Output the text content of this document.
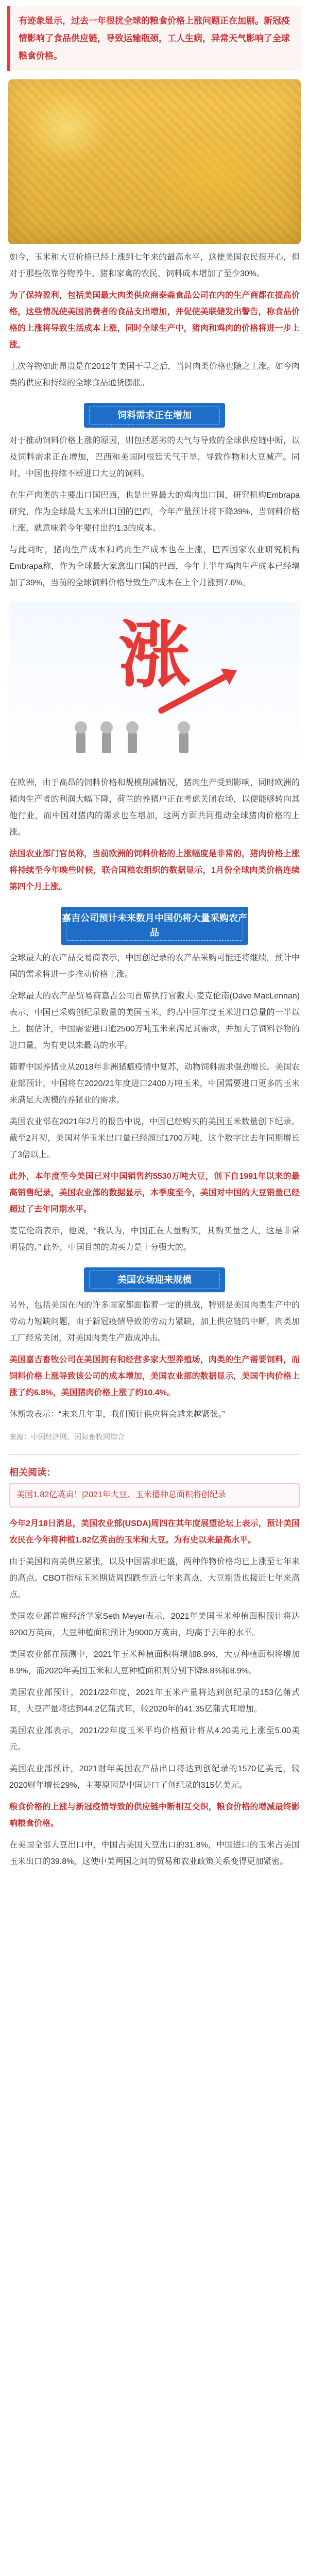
有迹象显示，过去一年很扰全球的粮食价格上涨问题正在加剧。新冠疫情影响了食品供应链，导致运输瓶颈，工人生病，异常天气影响了全球粮食价格。

如今，玉米和大豆价格已经上涨到七年来的最高水平，这使美国农民很开心，但对于那些依靠谷物养牛、猪和家禽的农民，饲料成本增加了至少30%。

为了保持盈利，包括美国最大肉类供应商泰森食品公司在内的生产商都在提高价格，这些情况使美国消费者的食品支出增加，并促使美联储发出警告，称食品价格的上涨将导致生活成本上涨，同时全球生产中，猪肉和鸡肉的价格将进一步上涨。

上次谷物如此昂贵是在2012年美国干旱之后，当时肉类价格也随之上涨。如今肉类的供应和持续的全球食品通货膨胀。

饲料需求正在增加

对于推动饲料价格上涨的原因，则包括恶劣的天气与导致的全球供应链中断，以及饲料需求正在增加，巴西和美国阿根廷天气干旱，导致作物和大豆减产。同时，中国也持续不断进口大豆的饲料。

在生产肉类的主要出口国巴西，也是世界最大的鸡肉出口国，研究机构Embrapa研究，作为全球最大玉米出口国的巴西，今年产量预计将下降39%，当饲料价格上涨，就意味着今年要付出约1.3的成本。

与此同时，猪肉生产成本和鸡肉生产成本也在上涨，巴西国家农业研究机构Embrapa称，作为全球最大家禽出口国的巴西，今年上半年鸡肉生产成本已经增加了39%，当前的全球饲料价格导致生产成本在上个月涨到7.6%。

涨

在欧洲，由于高昂的饲料价格和规模削减情况，猪肉生产受到影响，同时欧洲的猪肉生产者的利润大幅下降，荷兰的养猪户正在考虑关闭农场，以便能够转向其他行业，而中国对猪肉的需求也在增加，这两方面共同推动全球猪肉价格的上涨。

法国农业部门官员称，当前欧洲的饲料价格的上涨幅度是非常的，猪肉价格上涨将持续至今年晚些时候，联合国粮农组织的数据显示，1月份全球肉类价格连续第四个月上涨。

嘉吉公司预计未来数月中国仍将大量采购农产品

全球最大的农产品交易商表示，中国创纪录的农产品采购可能还将继续，预计中国的需求将进一步推动价格上涨。

全球最大的农产品贸易商嘉吉公司首席执行官戴夫·麦克伦南(Dave MacLennan)表示，中国已采购创纪录数量的美国玉米，约占中国年度玉米进口总量的一半以上。据估计，中国需要进口逾2500万吨玉米来满足其需求，并加大了饲料谷物的进口量，为有史以来最高的水平。

随着中国养猪业从2018年非洲猪瘟疫情中复苏，动物饲料需求强劲增长。美国农业部预计，中国将在2020/21年度进口2400万吨玉米，中国需要进口更多的玉米来满足大规模的养猪业的需求。

美国农业部在2021年2月的报告中说，中国已经购买的美国玉米数量创下纪录。截至2月初，美国对华玉米出口量已经超过1700万吨，这个数字比去年同期增长了3倍以上。

此外，本年度至今美国已对中国销售约5530万吨大豆，创下自1991年以来的最高销售纪录，美国农业部的数据显示，本季度至今，美国对中国的大豆销量已经超过了去年同期水平。

麦克伦南表示，他说，“我认为，中国正在大量购买，其购买量之大，这是非常明显的。” 此外，中国目前的购买力是十分强大的。

美国农场迎来规模

另外，包括美国在内的许多国家都面临着一定的挑战，特别是美国肉类生产中的劳动力短缺问题，由于新冠疫情导致的劳动力紧缺，加上供应链的中断，肉类加工厂经常关闭，对美国肉类生产造成冲击。

美国嘉吉畜牧公司在美国拥有和经营多家大型养殖场，肉类的生产需要饲料，而饲料价格上涨导致该公司的成本增加，美国农业部的数据显示，美国牛肉价格上涨了约6.8%，美国猪肉价格上涨了约10.4%。

休斯敦表示：“未来几年里，我们预计供应将会越来越紧张。”

来源：中国经济网、国际畜牧网综合
相关阅读：
美国1.82亿英亩！|2021年大豆、玉米播种总面积将创纪录

今年2月18日消息，美国农业部(USDA)周四在其年度展望论坛上表示，预计美国农民在今年将种植1.82亿英亩的玉米和大豆。为有史以来最高水平。

由于美国和南美供应紧张，以及中国需求旺盛，两种作物价格均已上涨至七年来的高点。CBOT指标玉米期货周四跌至近七年来高点，大豆期货也接近七年来高点。

美国农业部首席经济学家Seth Meyer表示，2021年美国玉米种植面积预计将达9200万英亩，大豆种植面积预计为9000万英亩，均高于去年的水平。

美国农业部在预测中，2021年玉米种植面积将增加8.9%，大豆种植面积将增加8.9%，而2020年美国玉米和大豆种植面积则分别下降8.8%和8.9%。

美国农业部预计，2021/22年度，2021年玉米产量将达到创纪录的153亿蒲式耳，大豆产量将达到44.2亿蒲式耳，较2020年的41.35亿蒲式耳增加。

美国农业部表示，2021/22年度玉米平均价格预计将从4.20美元上涨至5.00美元。

美国农业部预计，2021财年美国农产品出口将达到创纪录的1570亿美元，较2020财年增长29%，主要原因是中国进口了创纪录的315亿美元。

粮食价格的上涨与新冠疫情导致的供应链中断相互交织，粮食价格的增减最终影响粮食价格。

在美国全部大豆出口中，中国占美国大豆出口的31.8%，中国进口的玉米占美国玉米出口的39.8%，这使中美两国之间的贸易和农业政策关系变得更加紧密。
